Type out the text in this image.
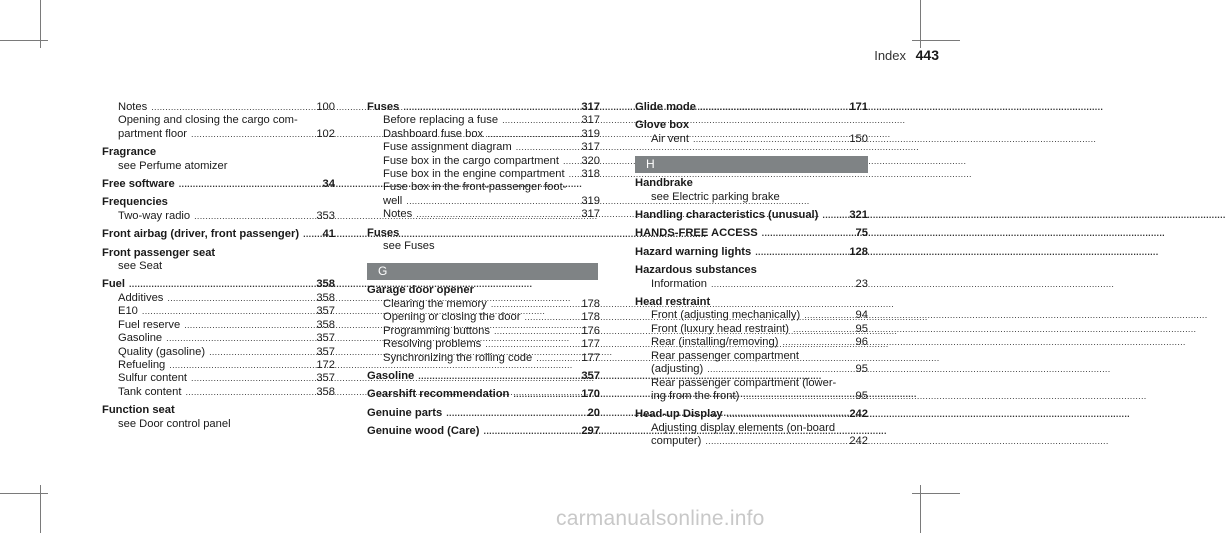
Index 443
Notes .....	100
Opening and closing the cargo com-
partment floor .....	102
Fragrance
see Perfume atomizer
Free software .....	34
Frequencies
Two-way radio .....	353
Front airbag (driver, front passenger) ..... 41
Front passenger seat
see Seat
Fuel .....	358
Additives .....	358
E10 .....	357
Fuel reserve .....	358
Gasoline .....	357
Quality (gasoline) .....	357
Refueling .....	172
Sulfur content .....	357
Tank content .....	358
Function seat
see Door control panel
Fuses .....	317
Before replacing a fuse .....	317
Dashboard fuse box .....	319
Fuse assignment diagram .....	317
Fuse box in the cargo compartment ..... 320
Fuse box in the engine compartment ..... 318
Fuse box in the front-passenger foot-
well .....	319
Notes .....	317
Fuses
see Fuses
G
Garage door opener
Clearing the memory .....	178
Opening or closing the door .....	178
Programming buttons .....	176
Resolving problems .....	177
Synchronizing the rolling code .....	177
Gasoline .....	357
Gearshift recommendation .....	170
Genuine parts .....	20
Genuine wood (Care) .....	297
Glide mode .....	171
Glove box
Air vent .....	150
H
Handbrake
see Electric parking brake
Handling characteristics (unusual) .....	321
HANDS-FREE ACCESS .....	75
Hazard warning lights .....	128
Hazardous substances
Information .....	23
Head restraint
Front (adjusting mechanically) .....	94
Front (luxury head restraint) .....	95
Rear (installing/removing) .....	96
Rear passenger compartment
(adjusting) .....	95
Rear passenger compartment (lower-
ing from the front) .....	95
Head-up Display .....	242
Adjusting display elements (on-board
computer) .....	242
carmanualsonline.info
